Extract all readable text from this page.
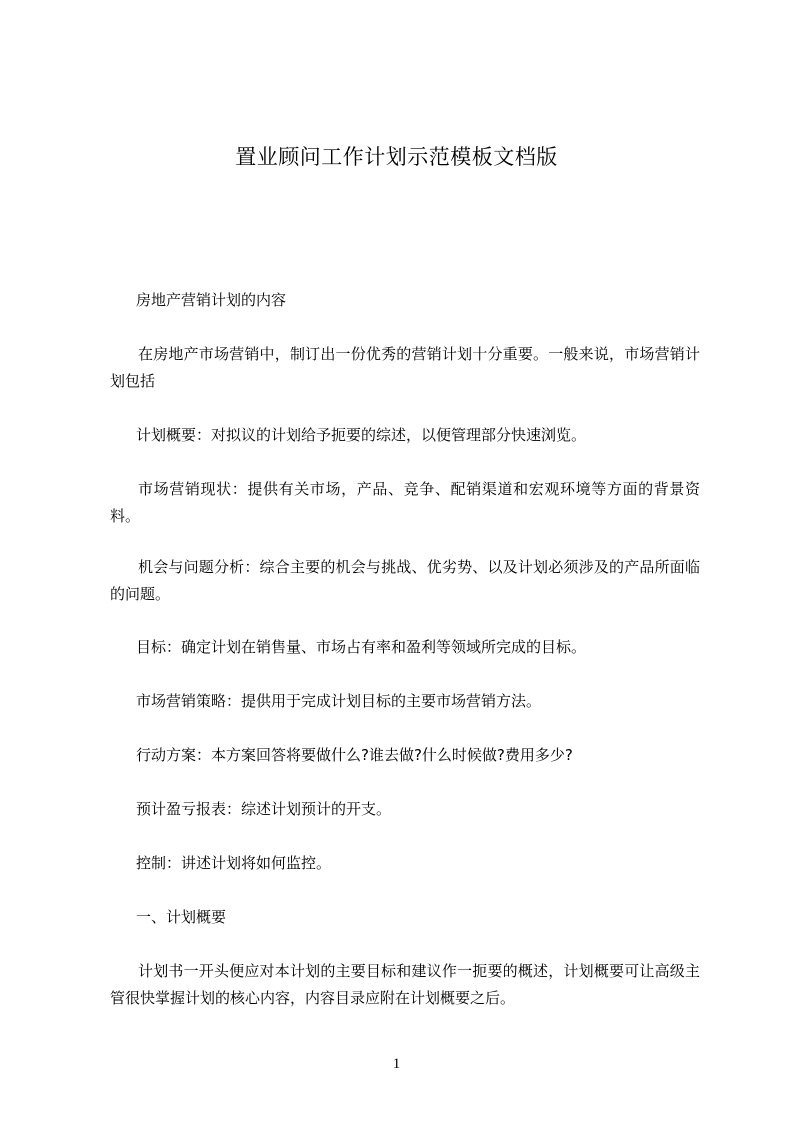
置业顾问工作计划示范模板文档版

房地产营销计划的内容

在房地产市场营销中，制订出一份优秀的营销计划十分重要。一般来说，市场营销计划包括

计划概要：对拟议的计划给予扼要的综述，以便管理部分快速浏览。

市场营销现状：提供有关市场，产品、竞争、配销渠道和宏观环境等方面的背景资料。

机会与问题分析：综合主要的机会与挑战、优劣势、以及计划必须涉及的产品所面临的问题。

目标：确定计划在销售量、市场占有率和盈利等领域所完成的目标。

市场营销策略：提供用于完成计划目标的主要市场营销方法。

行动方案：本方案回答将要做什么?谁去做?什么时候做?费用多少?

预计盈亏报表：综述计划预计的开支。

控制：讲述计划将如何监控。

一、计划概要

计划书一开头便应对本计划的主要目标和建议作一扼要的概述，计划概要可让高级主管很快掌握计划的核心内容，内容目录应附在计划概要之后。

1
